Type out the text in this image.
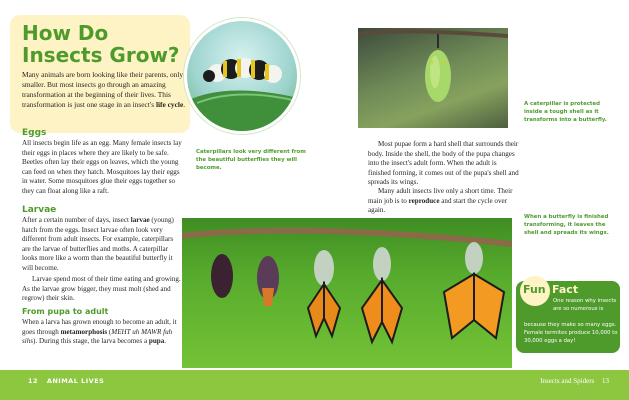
How Do
Insects Grow?

Many animals are born looking like their parents, only smaller. But most insects go through an amazing transformation at the beginning of their lives. This transformation is just one stage in an insect's life cycle.

Caterpillars look very different from the beautiful butterflies they will become.

Eggs

All insects begin life as an egg. Many female insects lay their eggs in places where they are likely to be safe. Beetles often lay their eggs on leaves, which the young can feed on when they hatch. Mosquitoes lay their eggs in water. Some mosquitoes glue their eggs together so they can float along like a raft.

Larvae

After a certain number of days, insect larvae (young) hatch from the eggs. Insect larvae often look very different from adult insects. For example, caterpillars are the larvae of butterflies and moths. A caterpillar looks more like a worm than the beautiful butterfly it will become.

Larvae spend most of their time eating and growing. As the larvae grow bigger, they must molt (shed and regrow) their skin.

From pupa to adult

When a larva has grown enough to become an adult, it goes through metamorphosis (MEHT uh MAWR fuh sihs). During this stage, the larva becomes a pupa.

Most pupae form a hard shell that surrounds their body. Inside the shell, the body of the pupa changes into the insect's adult form. When the adult is finished forming, it comes out of the pupa's shell and spreads its wings.

Many adult insects live only a short time. Their main job is to reproduce and start the cycle over again.

A caterpillar is protected inside a tough shell as it transforms into a butterfly.

When a butterfly is finished transforming, it leaves the shell and spreads its wings.

Fun Fact

One reason why insects are so numerous is

because they make so many eggs. Female termites produce 10,000 to 30,000 eggs a day!

12 ANIMAL LIVES	Insects and Spiders 13
